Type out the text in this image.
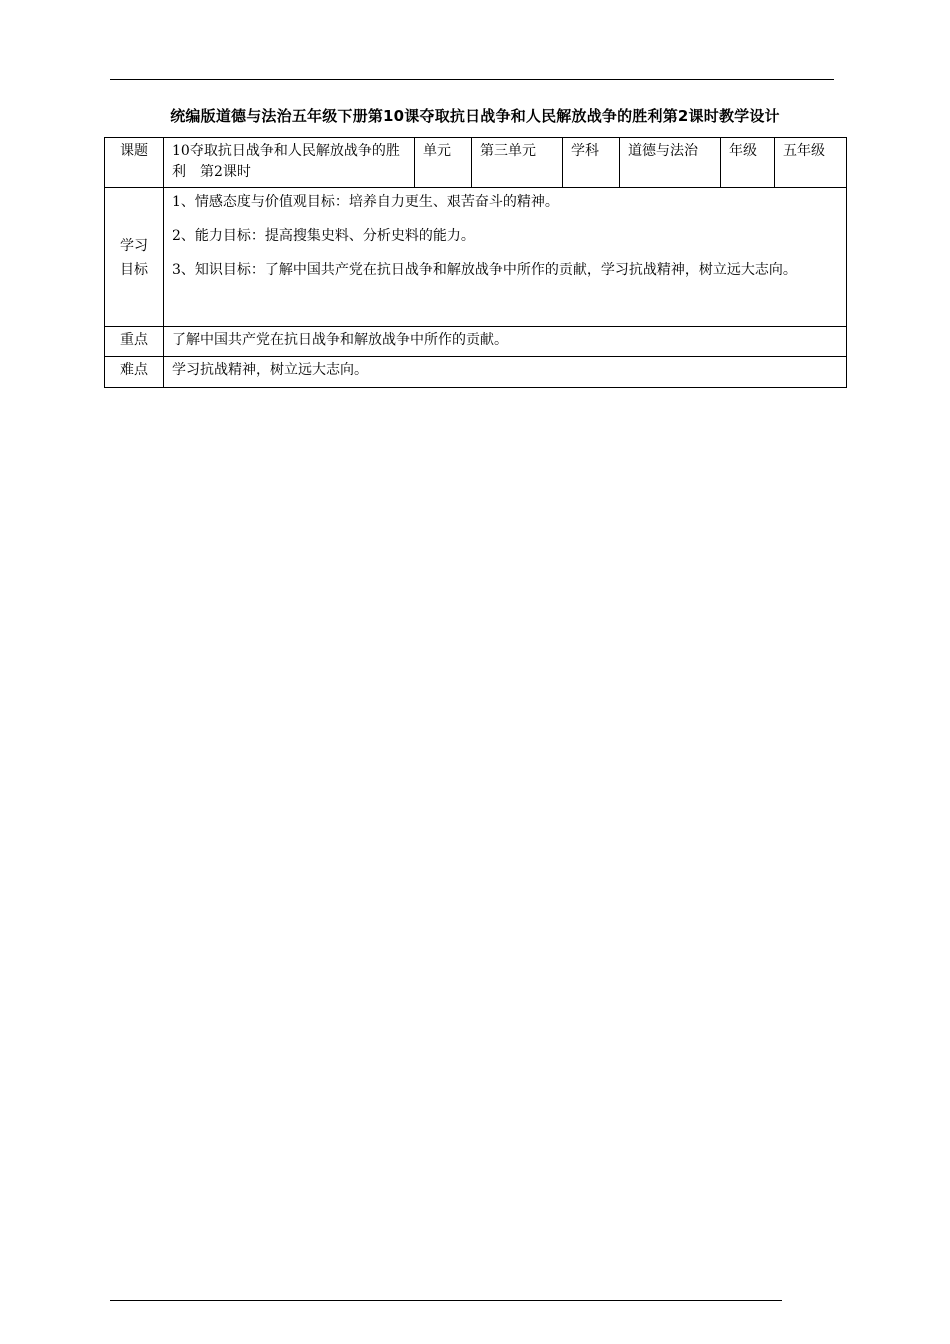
统编版道德与法治五年级下册第10课夺取抗日战争和人民解放战争的胜利第2课时教学设计
课题	10夺取抗日战争和人民解放战争的胜利　第2课时	单元	第三单元	学科	道德与法治	年级	五年级
学习目标	1、情感态度与价值观目标：培养自力更生、艰苦奋斗的精神。
2、能力目标：提高搜集史料、分析史料的能力。
3、知识目标：了解中国共产党在抗日战争和解放战争中所作的贡献，学习抗战精神，树立远大志向。						

重点	了解中国共产党在抗日战争和解放战争中所作的贡献。						
难点	学习抗战精神，树立远大志向。						
